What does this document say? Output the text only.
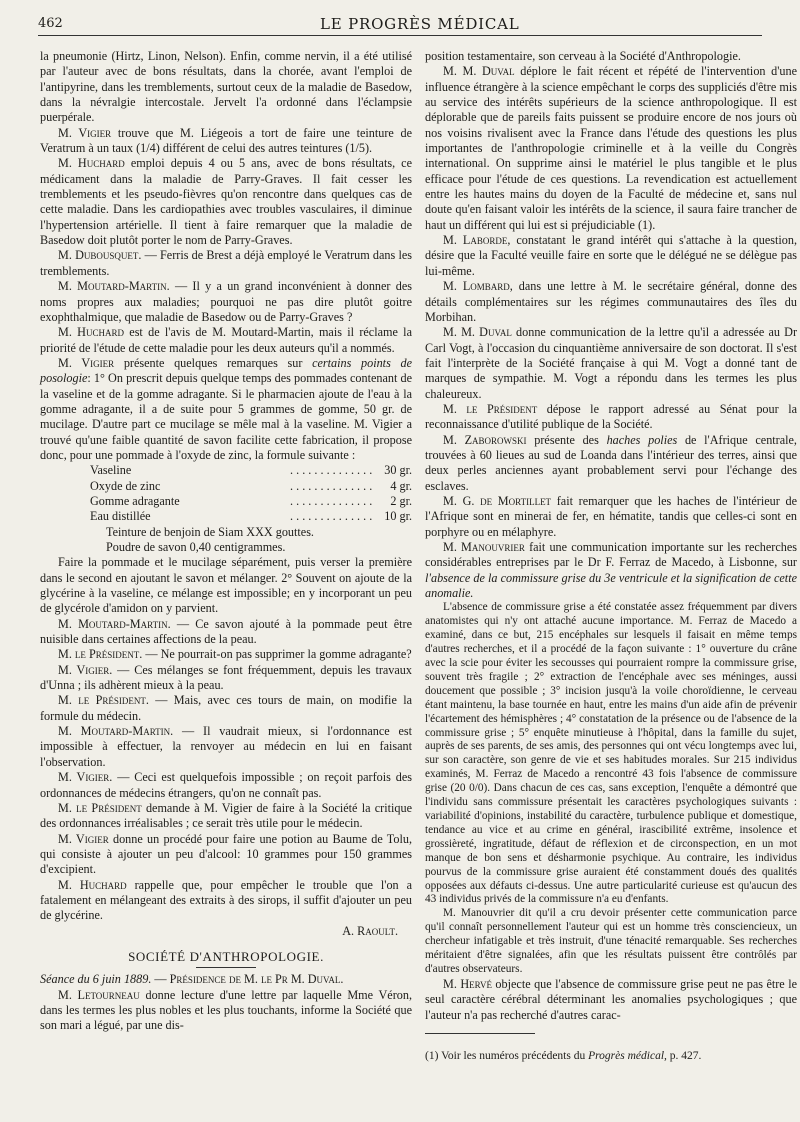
462	LE PROGRÈS MÉDICAL

la pneumonie (Hirtz, Linon, Nelson). Enfin, comme nervin, il a été utilisé par l'auteur avec de bons résultats, dans la chorée, avant l'emploi de l'antipyrine, dans les tremblements, surtout ceux de la maladie de Basedow, dans la névralgie intercostale. Jervelt l'a ordonné dans l'éclampsie puerpérale.

M. Vigier trouve que M. Liégeois a tort de faire une teinture de Veratrum à un taux (1/4) différent de celui des autres teintures (1/5).

M. Huchard emploi depuis 4 ou 5 ans, avec de bons résultats, ce médicament dans la maladie de Parry-Graves. Il fait cesser les tremblements et les pseudo-fièvres qu'on rencontre dans quelques cas de cette maladie. Dans les cardiopathies avec troubles vasculaires, il diminue l'hypertension artérielle. Il tient à faire remarquer que la maladie de Basedow doit plutôt porter le nom de Parry-Graves.

M. Dubousquet. — Ferris de Brest a déjà employé le Veratrum dans les tremblements.

M. Moutard-Martin. — Il y a un grand inconvénient à donner des noms propres aux maladies; pourquoi ne pas dire plutôt goitre exophthalmique, que maladie de Basedow ou de Parry-Graves ?

M. Huchard est de l'avis de M. Moutard-Martin, mais il réclame la priorité de l'étude de cette maladie pour les deux auteurs qu'il a nommés.

M. Vigier présente quelques remarques sur certains points de posologie: 1° On prescrit depuis quelque temps des pommades contenant de la vaseline et de la gomme adragante. Si le pharmacien ajoute de l'eau à la gomme adragante, il a de suite pour 5 grammes de gomme, 50 gr. de mucilage. D'autre part ce mucilage se mêle mal à la vaseline. M. Vigier a trouvé qu'une faible quantité de savon facilite cette fabrication, il propose donc, pour une pommade à l'oxyde de zinc, la formule suivante :

Vaseline . . .	30 gr.
Oxyde de zinc . . .	4 gr.
Gomme adragante . . .	2 gr.
Eau distillée . . .	10 gr.
Teinture de benjoin de Siam XXX gouttes.
Poudre de savon 0,40 centigrammes.

Faire la pommade et le mucilage séparément, puis verser la première dans le second en ajoutant le savon et mélanger. 2° Souvent on ajoute de la glycérine à la vaseline, ce mélange est impossible; en y incorporant un peu de glycérole d'amidon on y parvient.

M. Moutard-Martin. — Ce savon ajouté à la pommade peut être nuisible dans certaines affections de la peau.

M. le Président. — Ne pourrait-on pas supprimer la gomme adragante?

M. Vigier. — Ces mélanges se font fréquemment, depuis les travaux d'Unna ; ils adhèrent mieux à la peau.

M. le Président. — Mais, avec ces tours de main, on modifie la formule du médecin.

M. Moutard-Martin. — Il vaudrait mieux, si l'ordonnance est impossible à effectuer, la renvoyer au médecin en lui en faisant l'observation.

M. Vigier. — Ceci est quelquefois impossible ; on reçoit parfois des ordonnances de médecins étrangers, qu'on ne connaît pas.

M. le Président demande à M. Vigier de faire à la Société la critique des ordonnances irréalisables ; ce serait très utile pour le médecin.

M. Vigier donne un procédé pour faire une potion au Baume de Tolu, qui consiste à ajouter un peu d'alcool: 10 grammes pour 150 grammes d'excipient.

M. Huchard rappelle que, pour empêcher le trouble que l'on a fatalement en mélangeant des extraits à des sirops, il suffit d'ajouter un peu de glycérine.

A. Raoult.

SOCIÉTÉ D'ANTHROPOLOGIE.

Séance du 6 juin 1889. — Présidence de M. le Pr M. Duval.

M. Letourneau donne lecture d'une lettre par laquelle Mme Véron, dans les termes les plus nobles et les plus touchants, informe la Société que son mari a légué, par une dis-

position testamentaire, son cerveau à la Société d'Anthropologie.

M. M. Duval déplore le fait récent et répété de l'intervention d'une influence étrangère à la science empêchant le corps des suppliciés d'être mis au service des intérêts supérieurs de la science anthropologique. Il est déplorable que de pareils faits puissent se produire encore de nos jours où nos voisins rivalisent avec la France dans l'étude des questions les plus importantes de l'anthropologie criminelle et à la veille du Congrès international. On supprime ainsi le matériel le plus tangible et le plus efficace pour l'étude de ces questions. La revendication est actuellement entre les hautes mains du doyen de la Faculté de médecine et, sans nul doute qu'en faisant valoir les intérêts de la science, il saura faire trancher de haut un différent qui lui est si préjudiciable (1).

M. Laborde, constatant le grand intérêt qui s'attache à la question, désire que la Faculté veuille faire en sorte que le délégué ne se délègue pas lui-même.

M. Lombard, dans une lettre à M. le secrétaire général, donne des détails complémentaires sur les régimes communautaires des îles du Morbihan.

M. M. Duval donne communication de la lettre qu'il a adressée au Dr Carl Vogt, à l'occasion du cinquantième anniversaire de son doctorat. Il s'est fait l'interprète de la Société française à qui M. Vogt a donné tant de marques de sympathie. M. Vogt a répondu dans les termes les plus chaleureux.

M. le Président dépose le rapport adressé au Sénat pour la reconnaissance d'utilité publique de la Société.

M. Zaborowski présente des haches polies de l'Afrique centrale, trouvées à 60 lieues au sud de Loanda dans l'intérieur des terres, ainsi que deux perles anciennes ayant probablement servi pour l'échange des esclaves.

M. G. de Mortillet fait remarquer que les haches de l'intérieur de l'Afrique sont en minerai de fer, en hématite, tandis que celles-ci sont en porphyre ou en mélaphyre.

M. Manouvrier fait une communication importante sur les recherches considérables entreprises par le Dr F. Ferraz de Macedo, à Lisbonne, sur l'absence de la commissure grise du 3e ventricule et la signification de cette anomalie.

L'absence de commissure grise a été constatée assez fréquemment par divers anatomistes qui n'y ont attaché aucune importance. M. Ferraz de Macedo a examiné, dans ce but, 215 encéphales sur lesquels il faisait en même temps d'autres recherches, et il a procédé de la façon suivante : 1° ouverture du crâne avec la scie pour éviter les secousses qui pourraient rompre la commissure grise, souvent très fragile ; 2° extraction de l'encéphale avec ses méninges, aussi doucement que possible ; 3° incision jusqu'à la voile choroïdienne, le cerveau étant maintenu, la base tournée en haut, entre les mains d'un aide afin de prévenir l'écartement des hémisphères ; 4° constatation de la présence ou de l'absence de la commissure grise ; 5° enquête minutieuse à l'hôpital, dans la famille du sujet, auprès de ses parents, de ses amis, des personnes qui ont vécu longtemps avec lui, sur son caractère, son genre de vie et ses habitudes morales. Sur 215 individus examinés, M. Ferraz de Macedo a rencontré 43 fois l'absence de commissure grise (20 0/0). Dans chacun de ces cas, sans exception, l'enquête a démontré que l'individu sans commissure présentait les caractères psychologiques suivants : variabilité d'opinions, instabilité du caractère, turbulence publique et domestique, tendance au vice et au crime en général, irascibilité extrême, insolence et grossièreté, ingratitude, défaut de réflexion et de circonspection, en un mot manque de bon sens et désharmonie psychique. Au contraire, les individus pourvus de la commissure grise auraient été constamment doués des qualités opposées aux défauts ci-dessus. Une autre particularité curieuse est qu'aucun des 43 individus privés de la commissure n'a eu d'enfants.

M. Manouvrier dit qu'il a cru devoir présenter cette communication parce qu'il connaît personnellement l'auteur qui est un homme très consciencieux, un chercheur infatigable et très instruit, d'une ténacité remarquable. Ses recherches méritaient d'être signalées, afin que les résultats puissent être contrôlés par d'autres observateurs.

M. Hervé objecte que l'absence de commissure grise peut ne pas être le seul caractère cérébral déterminant les anomalies psychologiques ; que l'auteur n'a pas recherché d'autres carac-

(1) Voir les numéros précédents du Progrès médical, p. 427.
